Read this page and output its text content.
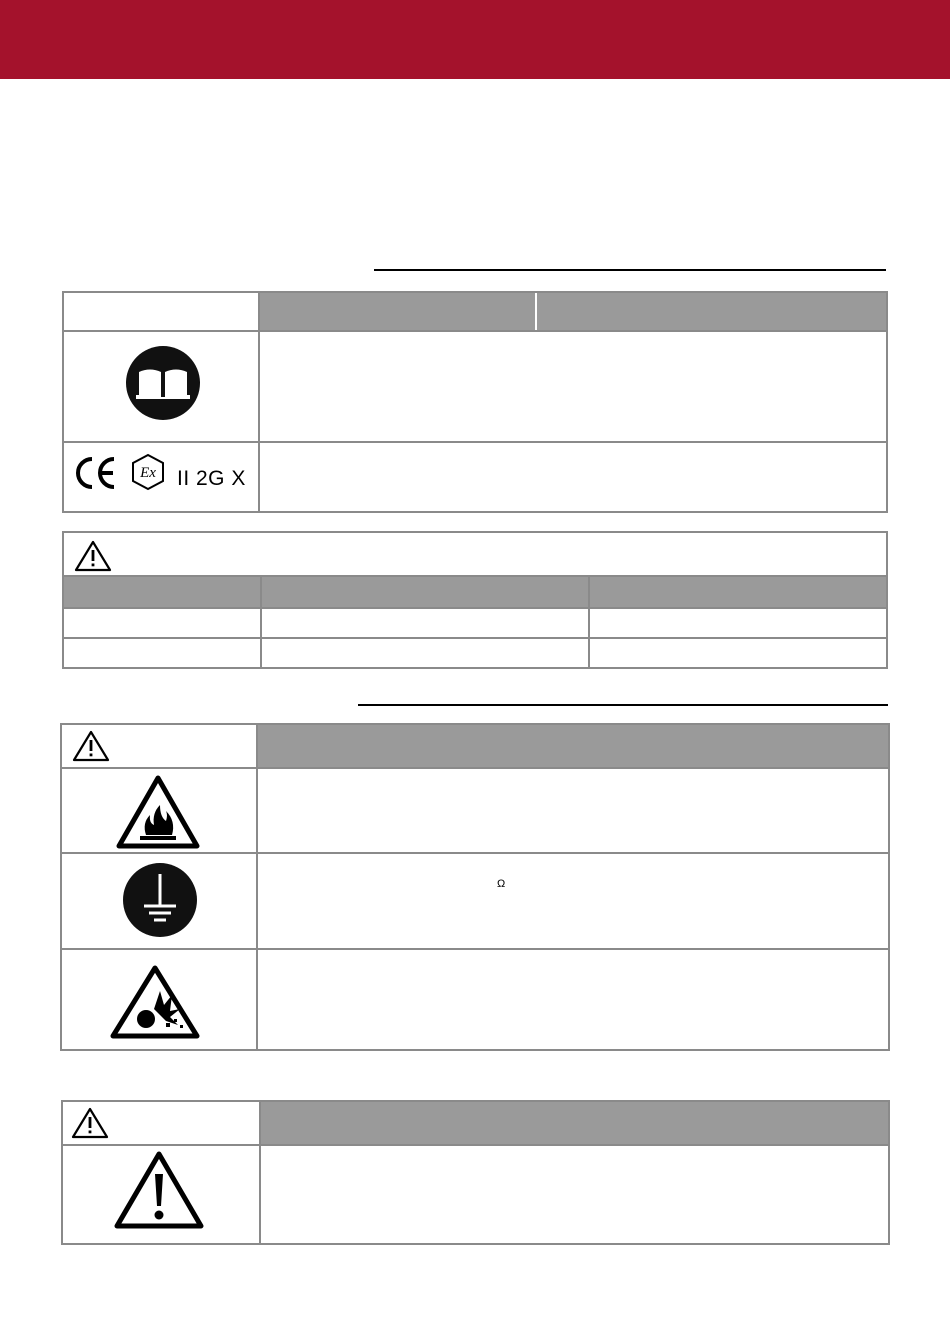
Ex II 2G X
Ω
